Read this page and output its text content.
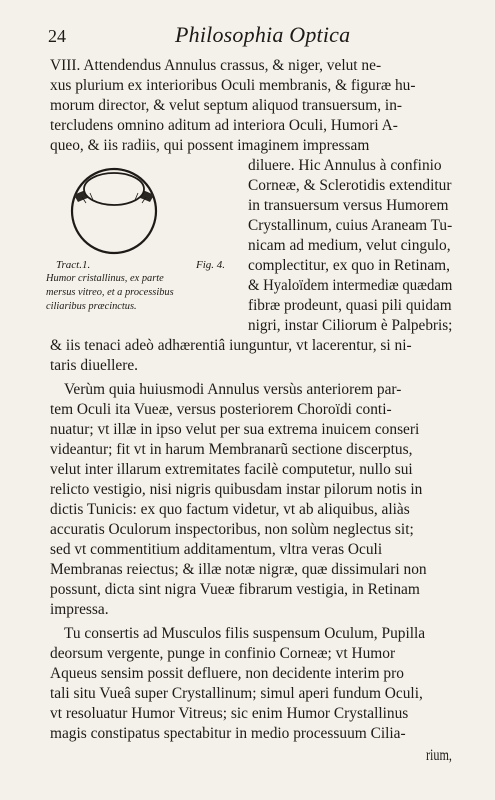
24	Philosophia Optica
Tract.1.	Fig. 4.
Humor cristallinus, ex parte
mersus vitreo, et a processibus
ciliaribus præcinctus.
VIII. Attendendus Annulus crassus, & niger, velut ne-
xus plurium ex interioribus Oculi membranis, & figuræ hu-
morum director, & velut septum aliquod transuersum, in-
tercludens omnino aditum ad interiora Oculi, Humori A-
queo, & iis radiis, qui possent imaginem impressam
diluere. Hic Annulus à confinio
Corneæ, & Sclerotidis extenditur
in transuersum versus Humorem
Crystallinum, cuius Araneam Tu-
nicam ad medium, velut cingulo,
complectitur, ex quo in Retinam,
& Hyaloïdem intermediæ quædam
fibræ prodeunt, quasi pili quidam
nigri, instar Ciliorum è Palpebris;
& iis tenaci adeò adhærentiâ iunguntur, vt lacerentur, si ni-
taris diuellere.
Verùm quia huiusmodi Annulus versùs anteriorem par-
tem Oculi ita Vueæ, versus posteriorem Choroïdi conti-
nuatur; vt illæ in ipso velut per sua extrema inuicem conseri
videantur; fit vt in harum Membranarũ sectione discerptus,
velut inter illarum extremitates facilè computetur, nullo sui
relicto vestigio, nisi nigris quibusdam instar pilorum notis in
dictis Tunicis: ex quo factum videtur, vt ab aliquibus, aliàs
accuratis Oculorum inspectoribus, non solùm neglectus sit;
sed vt commentitium additamentum, vltra veras Oculi
Membranas reiectus; & illæ notæ nigræ, quæ dissimulari non
possunt, dicta sint nigra Vueæ fibrarum vestigia, in Retinam
impressa.
Tu consertis ad Musculos filis suspensum Oculum, Pupilla
deorsum vergente, punge in confinio Corneæ; vt Humor
Aqueus sensim possit defluere, non decidente interim pro
tali situ Vueâ super Crystallinum; simul aperi fundum Oculi,
vt resoluatur Humor Vitreus; sic enim Humor Crystallinus
magis constipatus spectabitur in medio processuum Cilia-
rium,
